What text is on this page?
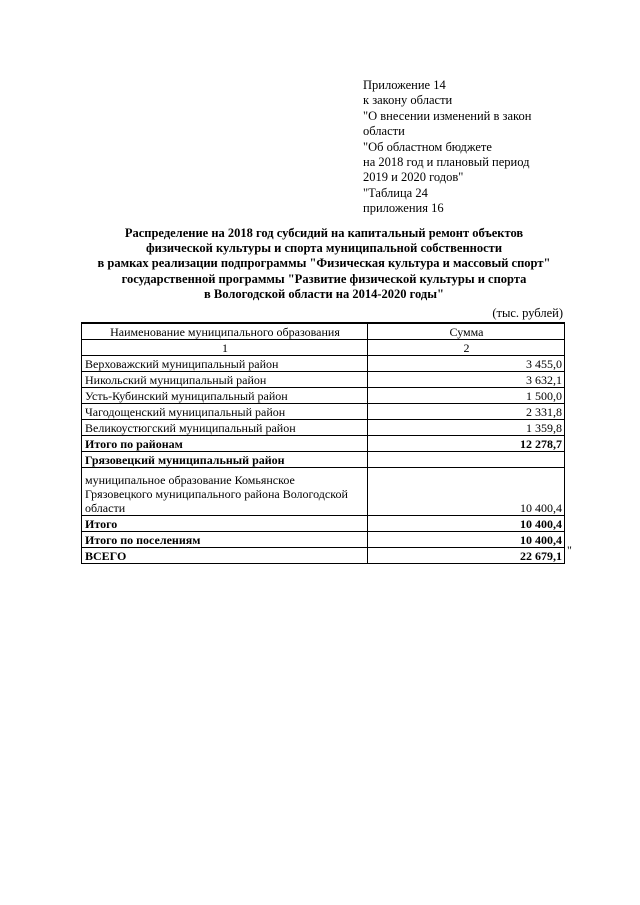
Приложение 14
к закону области
"О внесении изменений в закон
области
"Об областном бюджете
на 2018 год и плановый период
2019 и 2020 годов"
"Таблица 24
приложения 16
Распределение на 2018 год субсидий на капитальный ремонт объектов
физической культуры и спорта муниципальной собственности
в рамках реализации подпрограммы "Физическая культура и массовый спорт"
государственной программы "Развитие физической культуры и спорта
в Вологодской области на 2014-2020 годы"
(тыс. рублей)
Наименование муниципального образования	Сумма
1	2
Верховажский муниципальный район	3 455,0
Никольский муниципальный район	3 632,1
Усть-Кубинский муниципальный район	1 500,0
Чагодощенский муниципальный район	2 331,8
Великоустюгский муниципальный район	1 359,8
Итого по районам	12 278,7
Грязовецкий муниципальный район	

муниципальное образование Комьянское
Грязовецкого муниципального района Вологодской
области	10 400,4
Итого	10 400,4
Итого по поселениям	10 400,4
ВСЕГО	22 679,1 "
